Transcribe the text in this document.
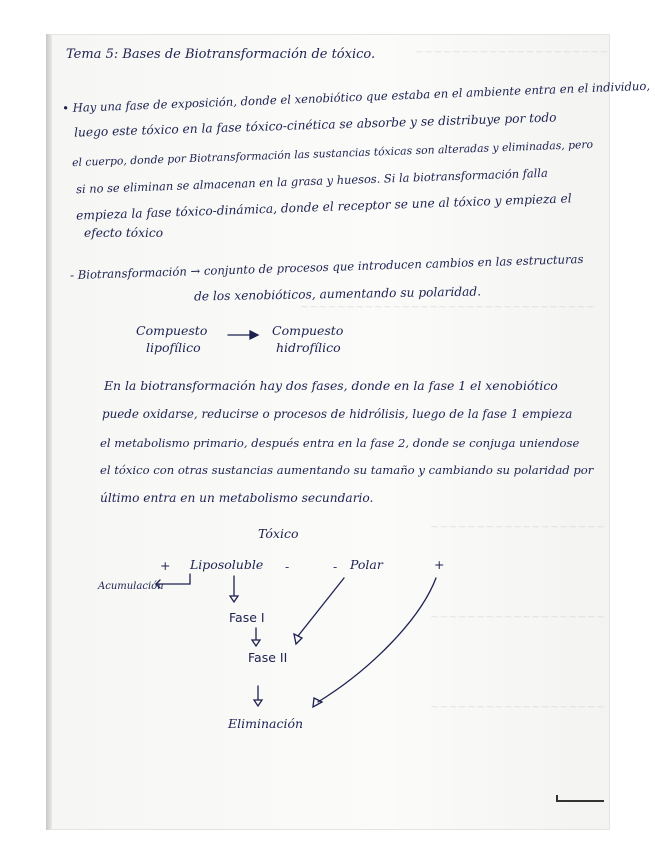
~~~~~~~~~~~~~~~~~~~~~
~~~~~~~~~~~~~~~~~~~~~~~~~~~~~~~~
~~~~~~~~~~~~~~~~~~~
~~~~~~~~~~~~~~~~~~~
~~~~~~~~~~~~~~~~~~~
Tema 5: Bases de Biotransformación de tóxico.
• Hay una fase de exposición, donde el xenobiótico que estaba en el ambiente entra en el individuo,
luego este tóxico en la fase tóxico-cinética se absorbe y se distribuye por todo
el cuerpo, donde por Biotransformación las sustancias tóxicas son alteradas y eliminadas, pero
si no se eliminan se almacenan en la grasa y huesos. Si la biotransformación falla
empieza la fase tóxico-dinámica, donde el receptor se une al tóxico y empieza el
efecto tóxico
- Biotransformación → conjunto de procesos que introducen cambios en las estructuras
de los xenobióticos, aumentando su polaridad.
Compuesto
lipofílico
Compuesto
hidrofílico
En la biotransformación hay dos fases, donde en la fase 1 el xenobiótico
puede oxidarse, reducirse o procesos de hidrólisis, luego de la fase 1 empieza
el metabolismo primario, después entra en la fase 2, donde se conjuga uniendose
el tóxico con otras sustancias aumentando su tamaño y cambiando su polaridad por
último entra en un metabolismo secundario.
Tóxico
+ Liposoluble -	- Polar	+
Acumulación
Fase I
Fase II
Eliminación
